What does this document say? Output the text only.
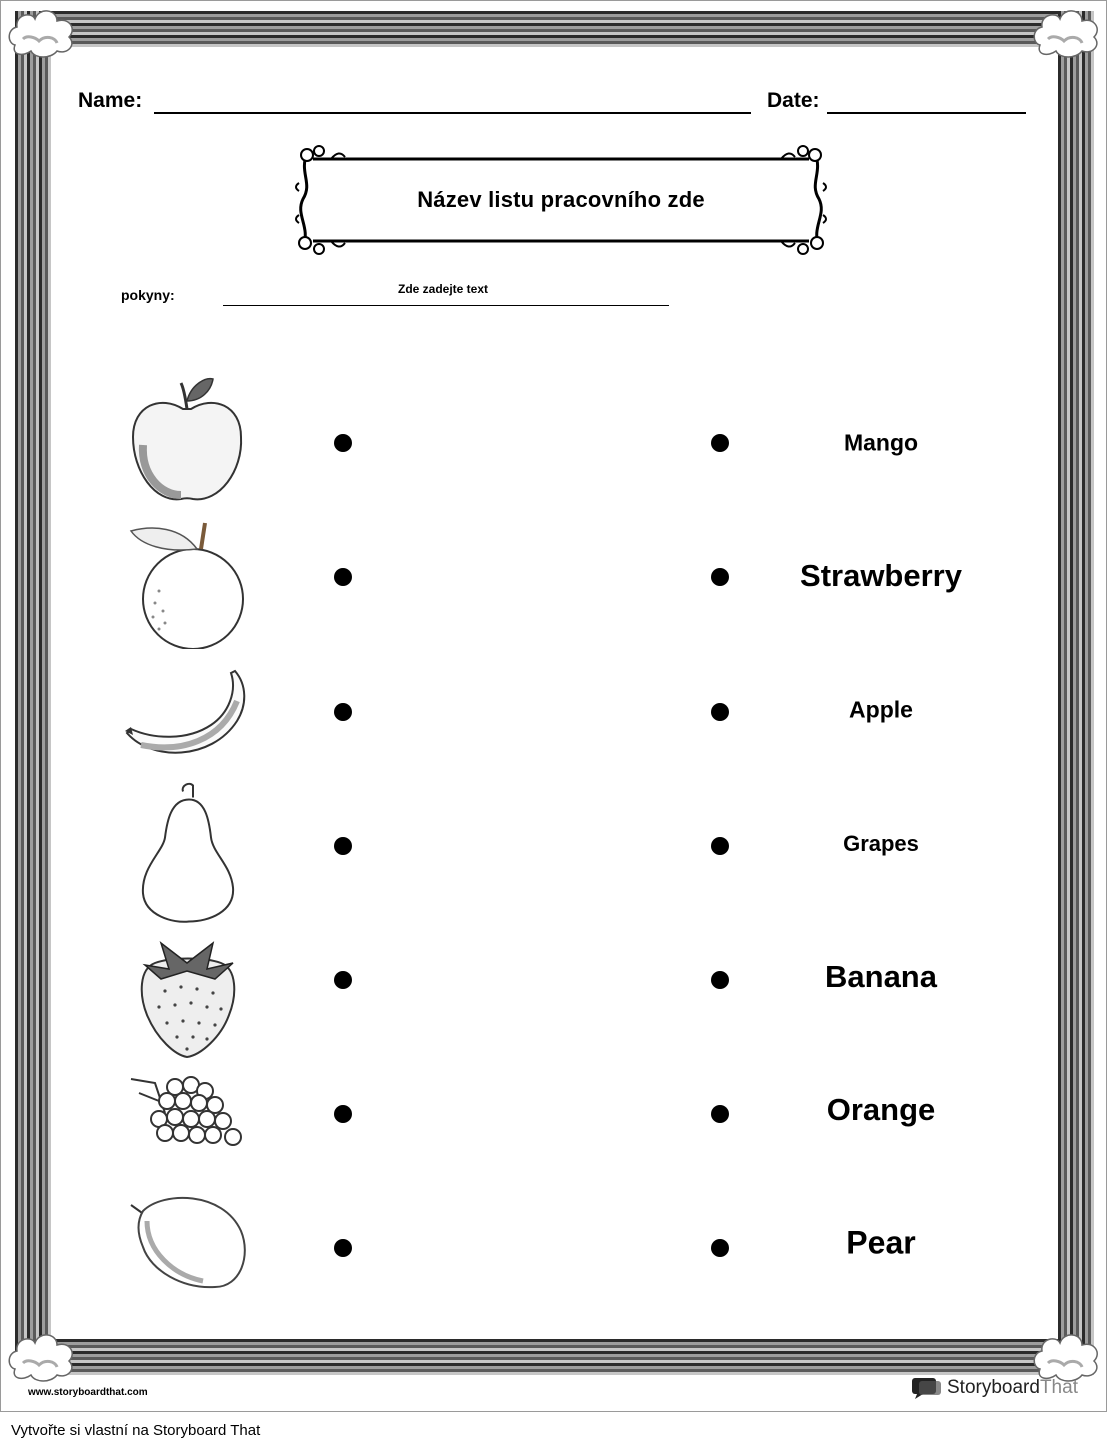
Name:	Date:
Název listu pracovního zde
pokyny:	Zde zadejte text
Mango
Strawberry
Apple
Grapes
Banana
Orange
Pear
www.storyboardthat.com	StoryboardThat
Vytvořte si vlastní na Storyboard That
